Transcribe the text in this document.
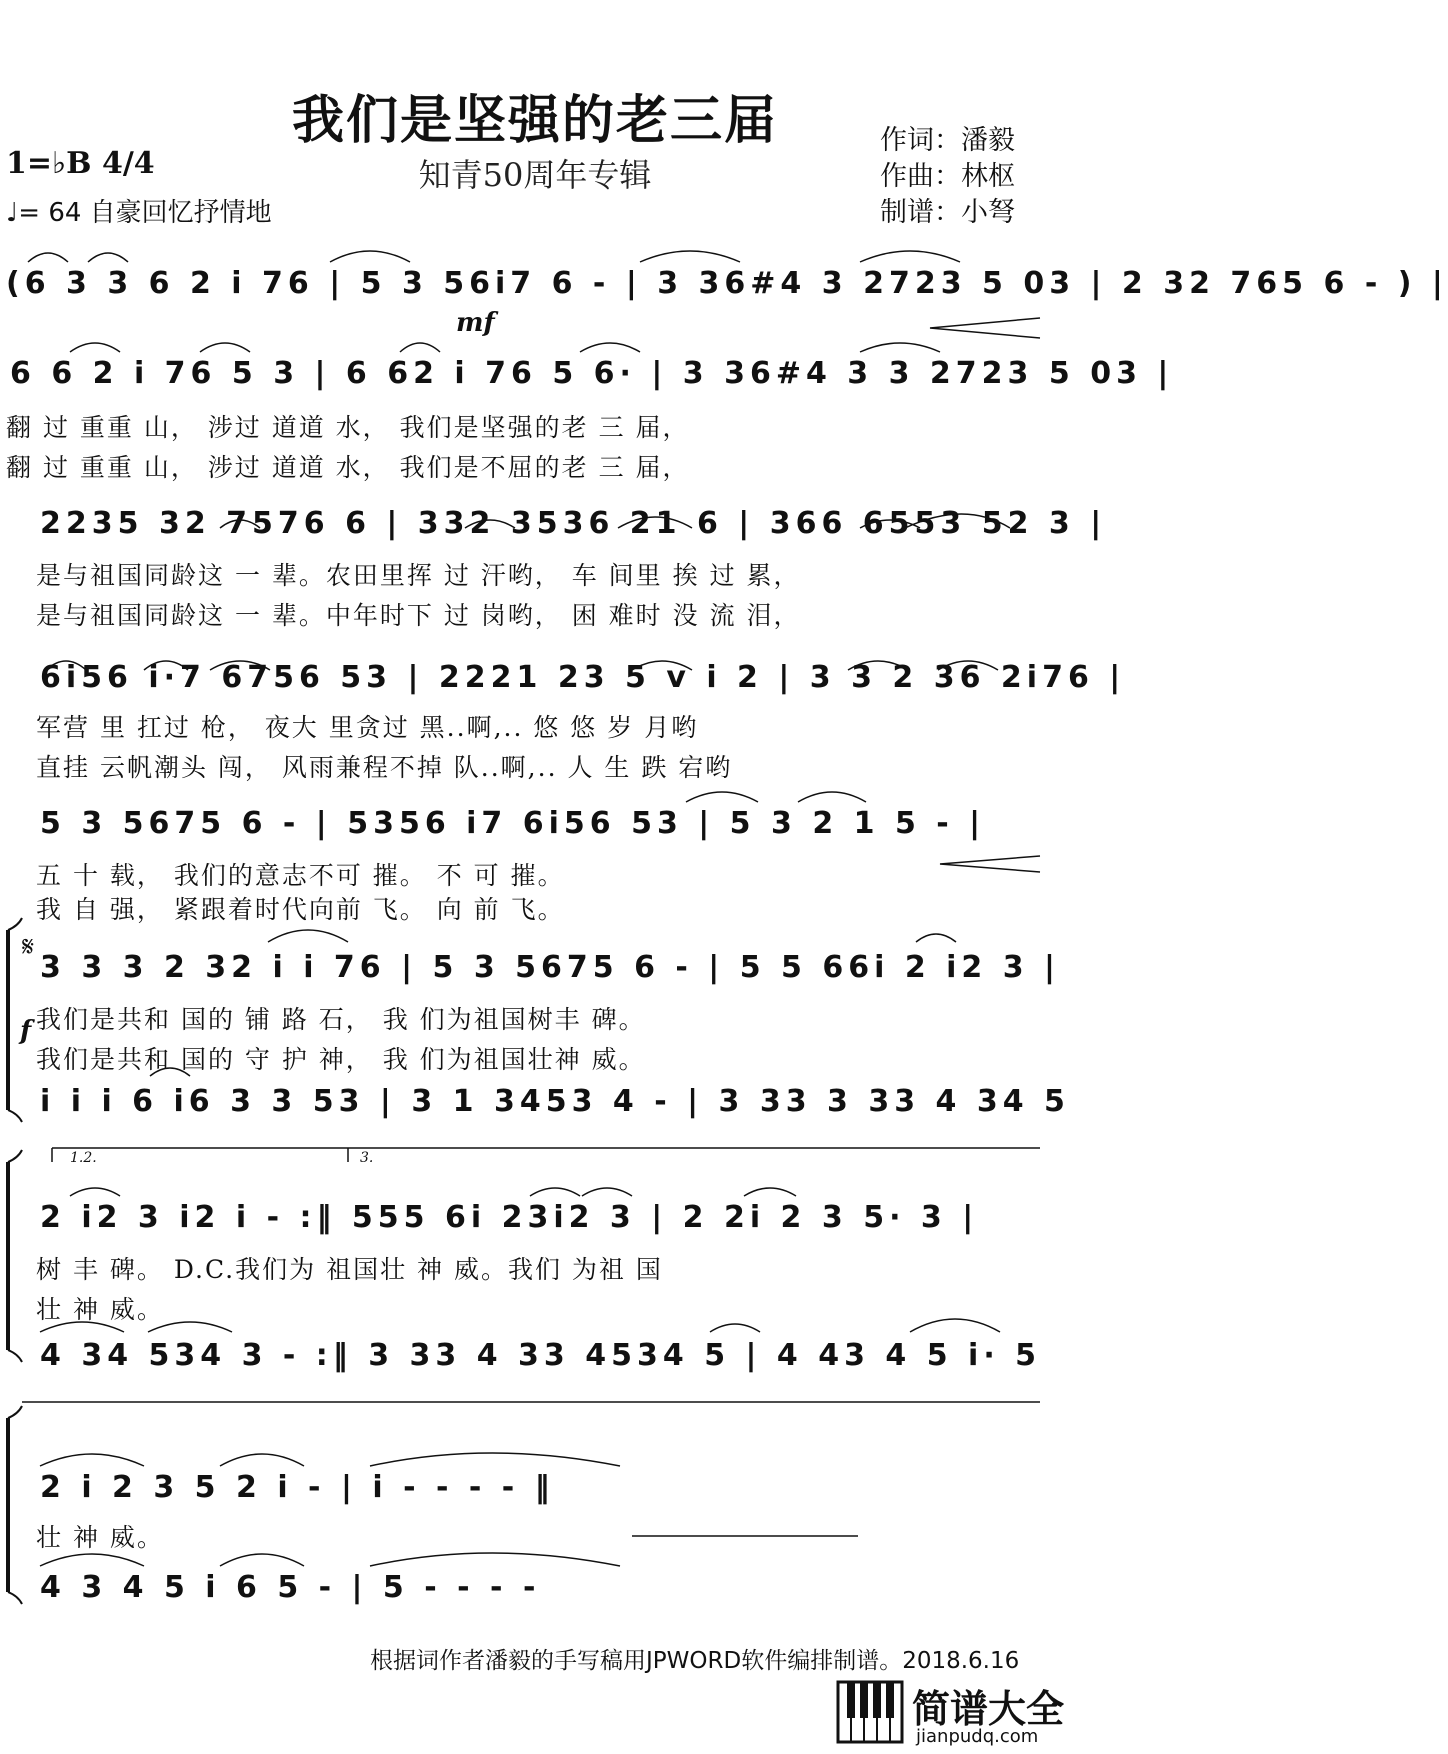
我们是坚强的老三届
知青50周年专辑
作词：潘毅
作曲：林枢
制谱：小弩
1=♭B 4/4
♩= 64 自豪回忆抒情地
(6 3 3 6 2 i 76 | 5 3 56i7 6 - | 3 36#4 3 2723 5 03 | 2 32 765 6 - ) |
mf
6 6 2 i 76 5 3 | 6 62 i 76 5 6· | 3 36#4 3 3 2723 5 03 |
翻 过 重重 山， 涉过 道道 水， 我们是坚强的老 三 届，
翻 过 重重 山， 涉过 道道 水， 我们是不屈的老 三 届，
2235 32 7576 6 | 332 3536 21 6 | 366 6553 52 3 |
是与祖国同龄这 一 辈。农田里挥 过 汗哟， 车 间里 挨 过 累，
是与祖国同龄这 一 辈。中年时下 过 岗哟， 困 难时 没 流 泪，
6i56 i·7 6756 53 | 2221 23 5 v i 2 | 3 3 2 36 2i76 |
军营 里 扛过 枪， 夜大 里贪过 黑..啊,.. 悠 悠 岁 月哟
直挂 云帆潮头 闯， 风雨兼程不掉 队..啊,.. 人 生 跌 宕哟
5 3 5675 6 - | 5356 i7 6i56 53 | 5 3 2 1 5 - |
五 十 载， 我们的意志不可 摧。 不 可 摧。
我 自 强， 紧跟着时代向前 飞。 向 前 飞。
𝄋
f
3 3 3 2 32 i i 76 | 5 3 5675 6 - | 5 5 66i 2 i2 3 |
我们是共和 国的 铺 路 石， 我 们为祖国树丰 碑。
我们是共和 国的 守 护 神， 我 们为祖国壮神 威。
i i i 6 i6 3 3 53 | 3 1 3453 4 - | 3 33 3 33 4 34 5
1.2.	3.
2 i2 3 i2 i - :‖ 555 6i 23i2 3 | 2 2i 2 3 5· 3 |
树 丰 碑。 D.C.我们为 祖国壮 神 威。我们 为祖 国
壮 神 威。
4 34 534 3 - :‖ 3 33 4 33 4534 5 | 4 43 4 5 i· 5
2 i 2 3 5 2 i - | i - - - - ‖
壮 神 威。
4 3 4 5 i 6 5 - | 5 - - - -
根据词作者潘毅的手写稿用JPWORD软件编排制谱。2018.6.16
简谱大全
jianpudq.com
